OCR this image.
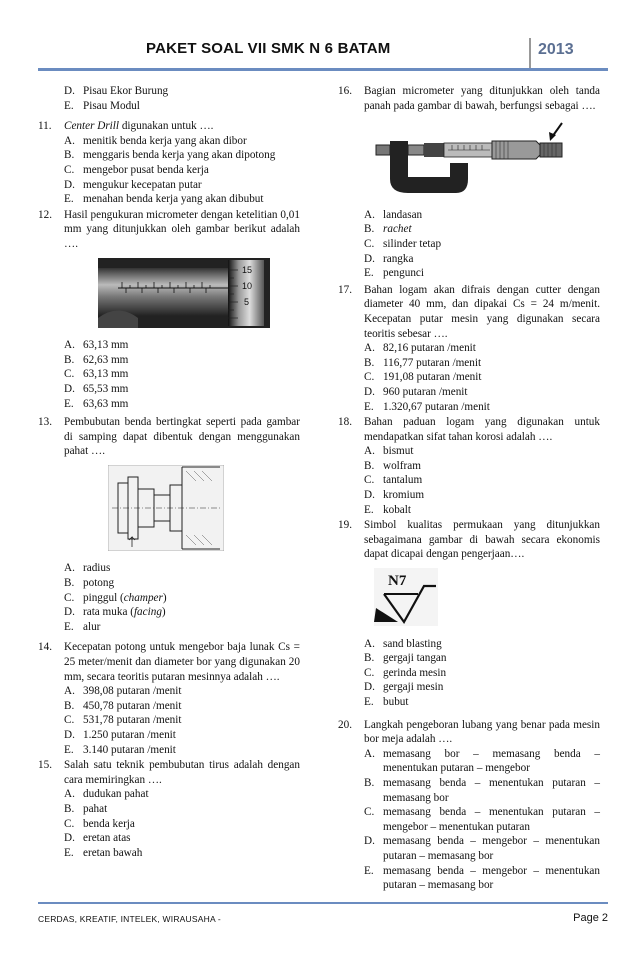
PAKET SOAL VII SMK N 6 BATAM	2013
D. Pisau Ekor Burung
E. Pisau Modul
11. Center Drill digunakan untuk ….
A. menitik benda kerja yang akan dibor
B. menggaris benda kerja yang akan dipotong
C. mengebor pusat benda kerja
D. mengukur kecepatan putar
E. menahan benda kerja yang akan dibubut
12. Hasil pengukuran micrometer dengan ketelitian 0,01 mm yang ditunjukkan oleh gambar berikut adalah ….
15
10
5
A. 63,13 mm
B. 62,63 mm
C. 63,13 mm
D. 65,53 mm
E. 63,63 mm
13. Pembubutan benda bertingkat seperti pada gambar di samping dapat dibentuk dengan menggunakan pahat ….
A. radius
B. potong
C. pinggul (champer)
D. rata muka (facing)
E. alur
14. Kecepatan potong untuk mengebor baja lunak Cs = 25 meter/menit dan diameter bor yang digunakan 20 mm, secara teoritis putaran mesinnya adalah ….
A. 398,08 putaran /menit
B. 450,78 putaran /menit
C. 531,78 putaran /menit
D. 1.250 putaran /menit
E. 3.140 putaran /menit
15. Salah satu teknik pembubutan tirus adalah dengan cara memiringkan ….
A. dudukan pahat
B. pahat
C. benda kerja
D. eretan atas
E. eretan bawah
16. Bagian micrometer yang ditunjukkan oleh tanda panah pada gambar di bawah, berfungsi sebagai ….
A. landasan
B. rachet
C. silinder tetap
D. rangka
E. pengunci
17. Bahan logam akan difrais dengan cutter dengan diameter 40 mm, dan dipakai Cs = 24 m/menit. Kecepatan putar mesin yang digunakan secara teoritis sebesar ….
A. 82,16 putaran /menit
B. 116,77 putaran /menit
C. 191,08 putaran /menit
D. 960 putaran /menit
E. 1.320,67 putaran /menit
18. Bahan paduan logam yang digunakan untuk mendapatkan sifat tahan korosi adalah ….
A. bismut
B. wolfram
C. tantalum
D. kromium
E. kobalt
19. Simbol kualitas permukaan yang ditunjukkan sebagaimana gambar di bawah secara ekonomis dapat dicapai dengan pengerjaan….
N7
A. sand blasting
B. gergaji tangan
C. gerinda mesin
D. gergaji mesin
E. bubut
20. Langkah pengeboran lubang yang benar pada mesin bor meja adalah ….
A. memasang bor – memasang benda – menentukan putaran – mengebor
B. memasang benda – menentukan putaran – memasang bor
C. memasang benda – menentukan putaran – mengebor – menentukan putaran
D. memasang benda – mengebor – menentukan putaran – memasang bor
E. memasang benda – mengebor – menentukan putaran – memasang bor
CERDAS, KREATIF, INTELEK, WIRAUSAHA -	Page 2
